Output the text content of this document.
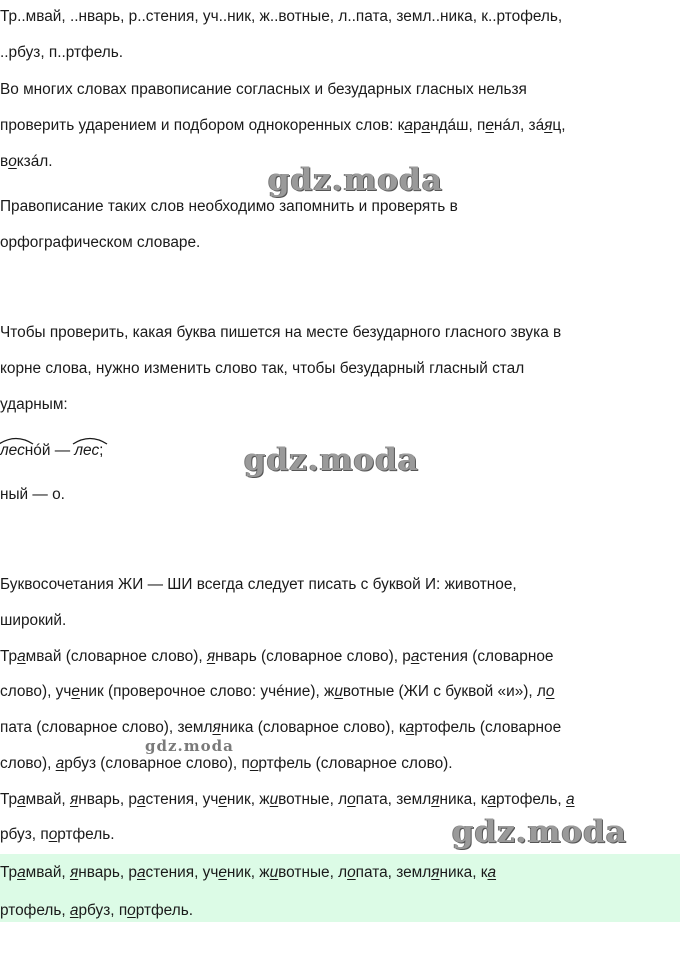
Тр..мвай, ..нварь, р..стения, уч..ник, ж..вотные, л..пата, земл..ника, к..ртофель,
..рбуз, п..ртфель.
Во многих словах правописание согласных и безударных гласных нельзя
проверить ударением и подбором однокоренных слов: карандáш, пенáл, зáяц,
вокзáл.
Правописание таких слов необходимо запомнить и проверять в
орфографическом словаре.
Чтобы проверить, какая буква пишется на месте безударного гласного звука в
корне слова, нужно изменить слово так, чтобы безударный гласный стал
ударным:
леснóй —
лес;
ный — о.
Буквосочетания ЖИ — ШИ всегда следует писать с буквой И: животное,
широкий.
Трамвай (словарное слово), январь (словарное слово), растения (словарное
слово), ученик (проверочное слово: учéние), животные (ЖИ с буквой «и»), ло
пата (словарное слово), земляника (словарное слово), картофель (словарное
слово), арбуз (словарное слово), портфель (словарное слово).
Трамвай, январь, растения, ученик, животные, лопата, земляника, картофель, а
рбуз, портфель.
Трамвай, январь, растения, ученик, животные, лопата, земляника, ка
ртофель, арбуз, портфель.
gdz.moda
gdz.moda
gdz.moda
gdz.moda
